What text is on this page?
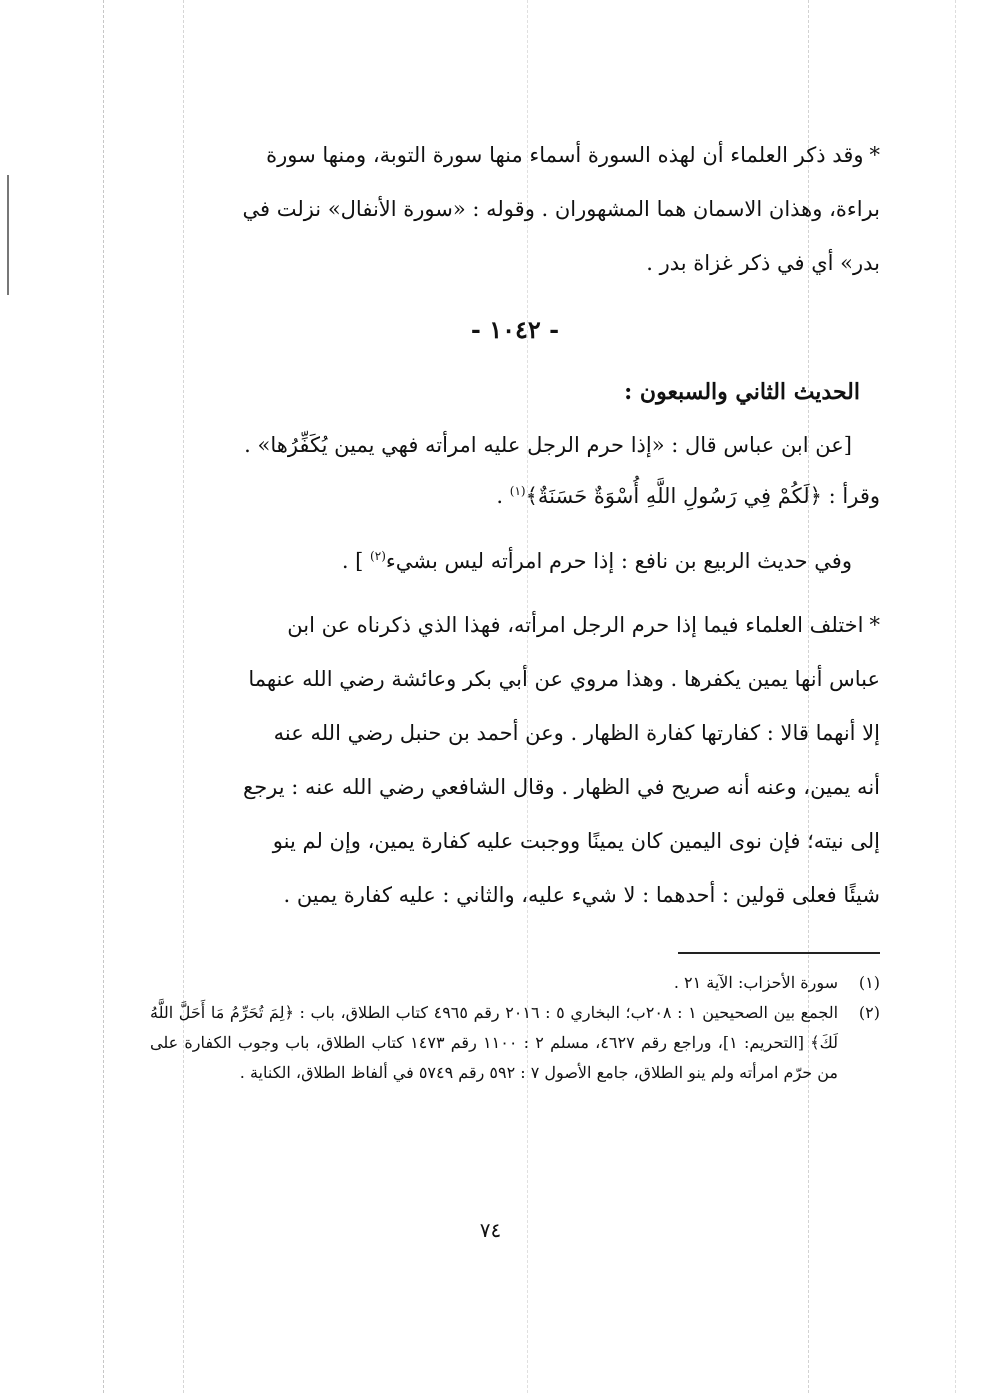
*وقد ذكر العلماء أن لهذه السورة أسماء منها سورة التوبة، ومنها سورة
براءة، وهذان الاسمان هما المشهوران . وقوله : «سورة الأنفال» نزلت في
بدر» أي في ذكر غزاة بدر .

- ١٠٤٢ -
الحديث الثاني والسبعون :
[عن ابن عباس قال : «إذا حرم الرجل عليه امرأته فهي يمين يُكَفِّرُها» .
وقرأ : ﴿لَكُمْ فِي رَسُولِ اللَّهِ أُسْوَةٌ حَسَنَةٌ﴾$^{(١)}$ .
وفي حديث الربيع بن نافع : إذا حرم امرأته ليس بشيء$^{(٢)}$ ] .

*اختلف العلماء فيما إذا حرم الرجل امرأته، فهذا الذي ذكرناه عن ابن
عباس أنها يمين يكفرها . وهذا مروي عن أبي بكر وعائشة رضي الله عنهما
إلا أنهما قالا : كفارتها كفارة الظهار . وعن أحمد بن حنبل رضي الله عنه
أنه يمين، وعنه أنه صريح في الظهار . وقال الشافعي رضي الله عنه : يرجع
إلى نيته؛ فإن نوى اليمين كان يمينًا ووجبت عليه كفارة يمين، وإن لم ينو
شيئًا فعلى قولين : أحدهما : لا شيء عليه، والثاني : عليه كفارة يمين .

(١)
سورة الأحزاب: الآية ٢١ .
(٢)
الجمع بين الصحيحين ١ : ٢٠٨ب؛ البخاري ٥ : ٢٠١٦ رقم ٤٩٦٥ كتاب الطلاق، باب : ﴿لِمَ تُحَرِّمُ مَا أَحَلَّ اللَّهُ لَكَ﴾ [التحريم: ١]، وراجع رقم ٤٦٢٧، مسلم ٢ : ١١٠٠ رقم ١٤٧٣ كتاب الطلاق، باب وجوب الكفارة على من حرّم امرأته ولم ينو الطلاق، جامع الأصول ٧ : ٥٩٢ رقم ٥٧٤٩ في ألفاظ الطلاق، الكناية .
٧٤
